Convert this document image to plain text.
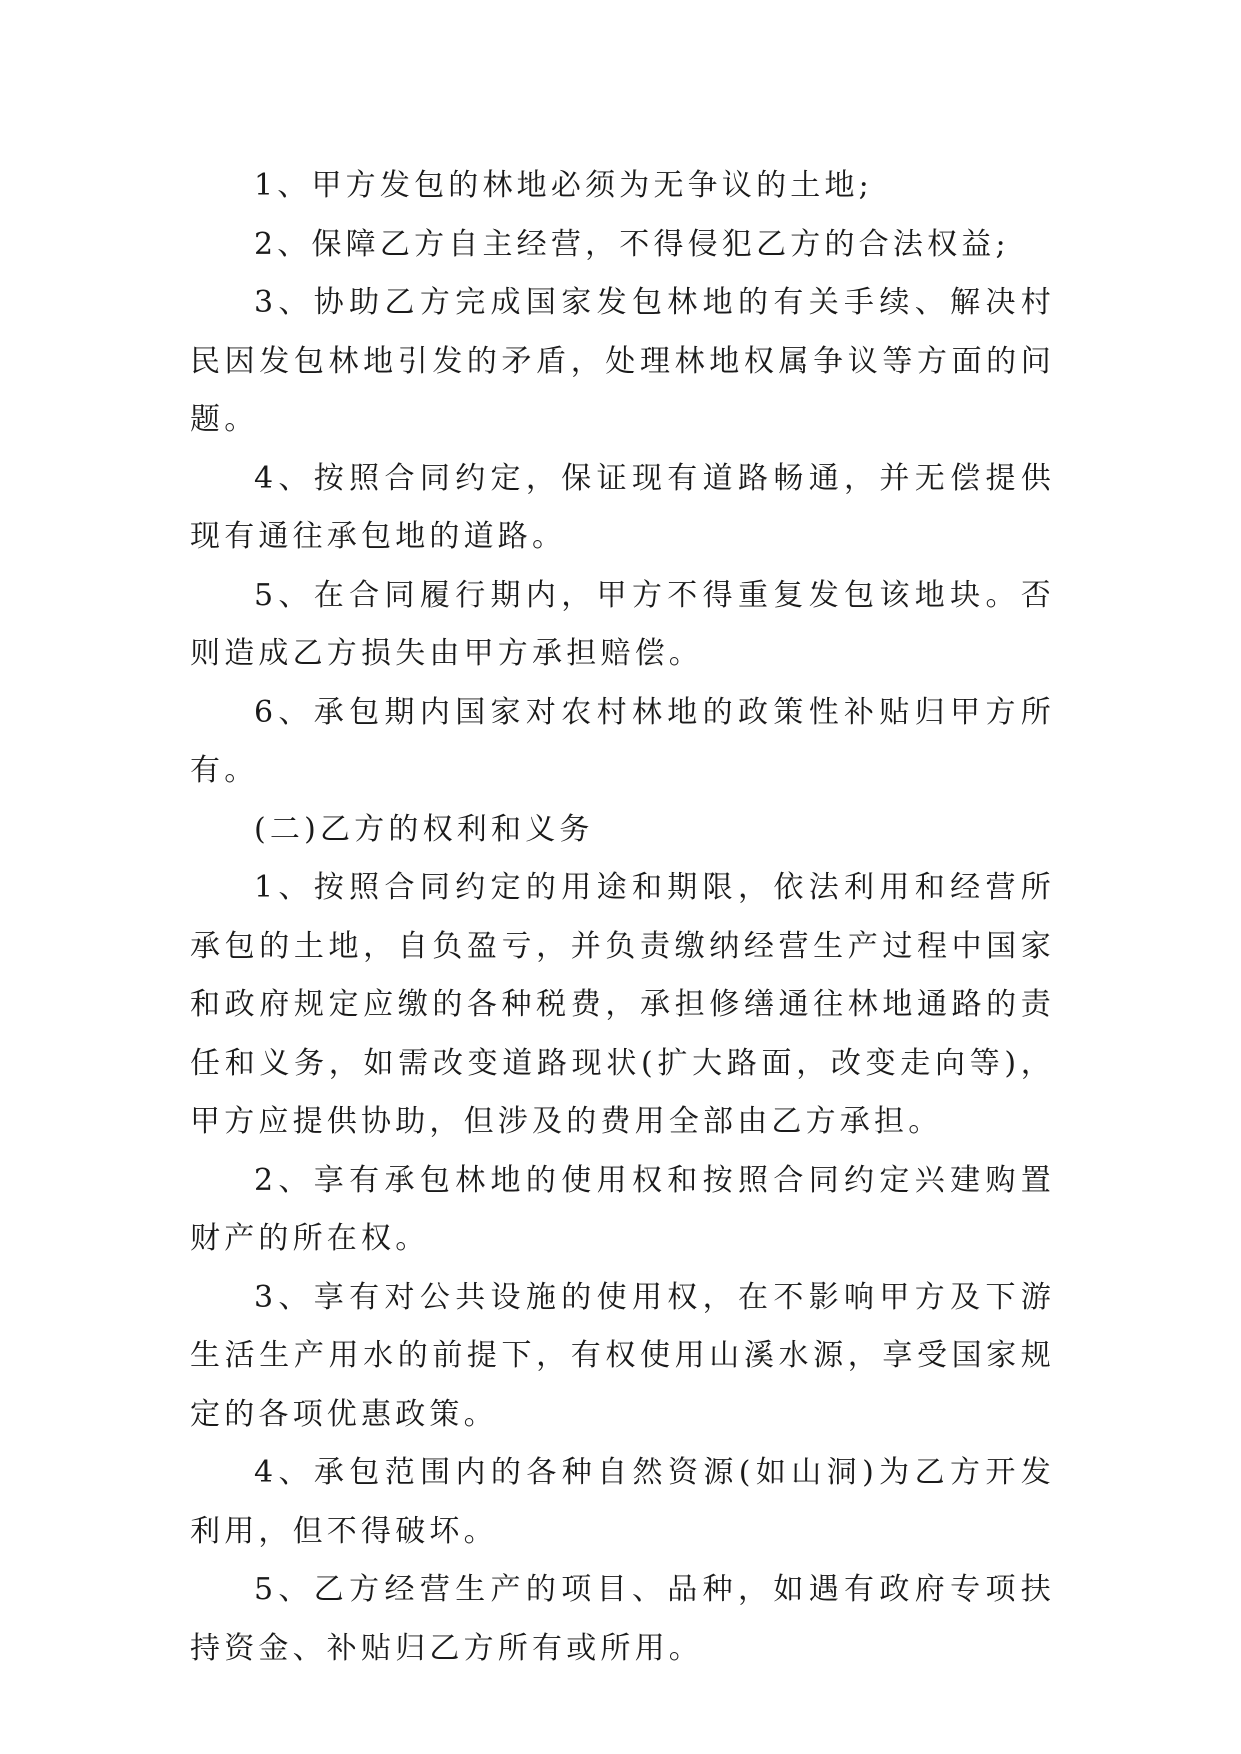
1、甲方发包的林地必须为无争议的土地;

2、保障乙方自主经营，不得侵犯乙方的合法权益;

3、协助乙方完成国家发包林地的有关手续、解决村民因发包林地引发的矛盾，处理林地权属争议等方面的问题。

4、按照合同约定，保证现有道路畅通，并无偿提供现有通往承包地的道路。

5、在合同履行期内，甲方不得重复发包该地块。否则造成乙方损失由甲方承担赔偿。

6、承包期内国家对农村林地的政策性补贴归甲方所有。

(二)乙方的权利和义务

1、按照合同约定的用途和期限，依法利用和经营所承包的土地，自负盈亏，并负责缴纳经营生产过程中国家和政府规定应缴的各种税费，承担修缮通往林地通路的责任和义务，如需改变道路现状(扩大路面，改变走向等)，甲方应提供协助，但涉及的费用全部由乙方承担。

2、享有承包林地的使用权和按照合同约定兴建购置财产的所在权。

3、享有对公共设施的使用权，在不影响甲方及下游生活生产用水的前提下，有权使用山溪水源，享受国家规定的各项优惠政策。

4、承包范围内的各种自然资源(如山洞)为乙方开发利用，但不得破坏。

5、乙方经营生产的项目、品种，如遇有政府专项扶持资金、补贴归乙方所有或所用。
